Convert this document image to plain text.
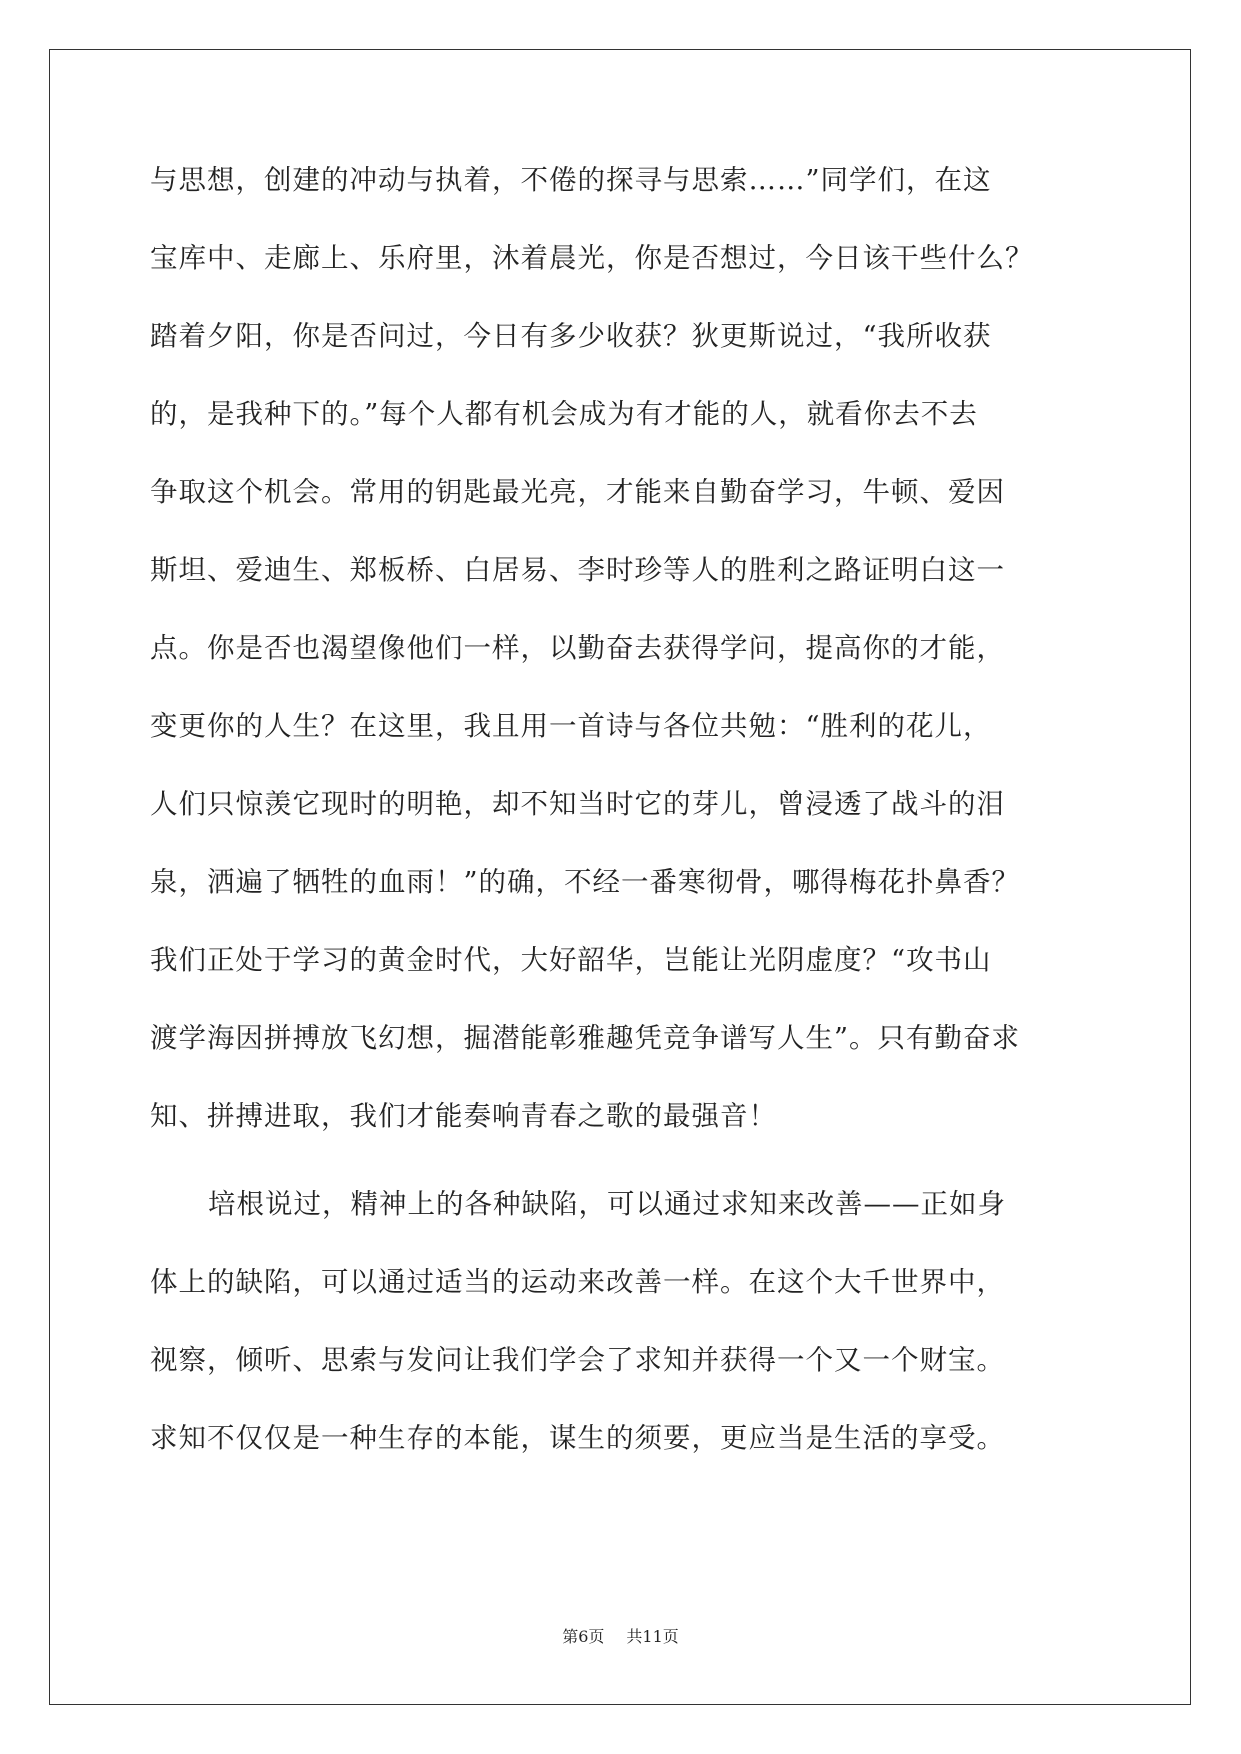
与思想，创建的冲动与执着，不倦的探寻与思索……”同学们，在这
宝库中、走廊上、乐府里，沐着晨光，你是否想过，今日该干些什么？
踏着夕阳，你是否问过，今日有多少收获？狄更斯说过，“我所收获
的，是我种下的。”每个人都有机会成为有才能的人，就看你去不去
争取这个机会。常用的钥匙最光亮，才能来自勤奋学习，牛顿、爱因
斯坦、爱迪生、郑板桥、白居易、李时珍等人的胜利之路证明白这一
点。你是否也渴望像他们一样，以勤奋去获得学问，提高你的才能，
变更你的人生？在这里，我且用一首诗与各位共勉：“胜利的花儿，
人们只惊羡它现时的明艳，却不知当时它的芽儿，曾浸透了战斗的泪
泉，洒遍了牺牲的血雨！”的确，不经一番寒彻骨，哪得梅花扑鼻香？
我们正处于学习的黄金时代，大好韶华，岂能让光阴虚度？“攻书山
渡学海因拼搏放飞幻想，掘潜能彰雅趣凭竞争谱写人生”。只有勤奋求
知、拼搏进取，我们才能奏响青春之歌的最强音！
培根说过，精神上的各种缺陷，可以通过求知来改善——正如身
体上的缺陷，可以通过适当的运动来改善一样。在这个大千世界中，
视察，倾听、思索与发问让我们学会了求知并获得一个又一个财宝。
求知不仅仅是一种生存的本能，谋生的须要，更应当是生活的享受。
第6页 共11页
